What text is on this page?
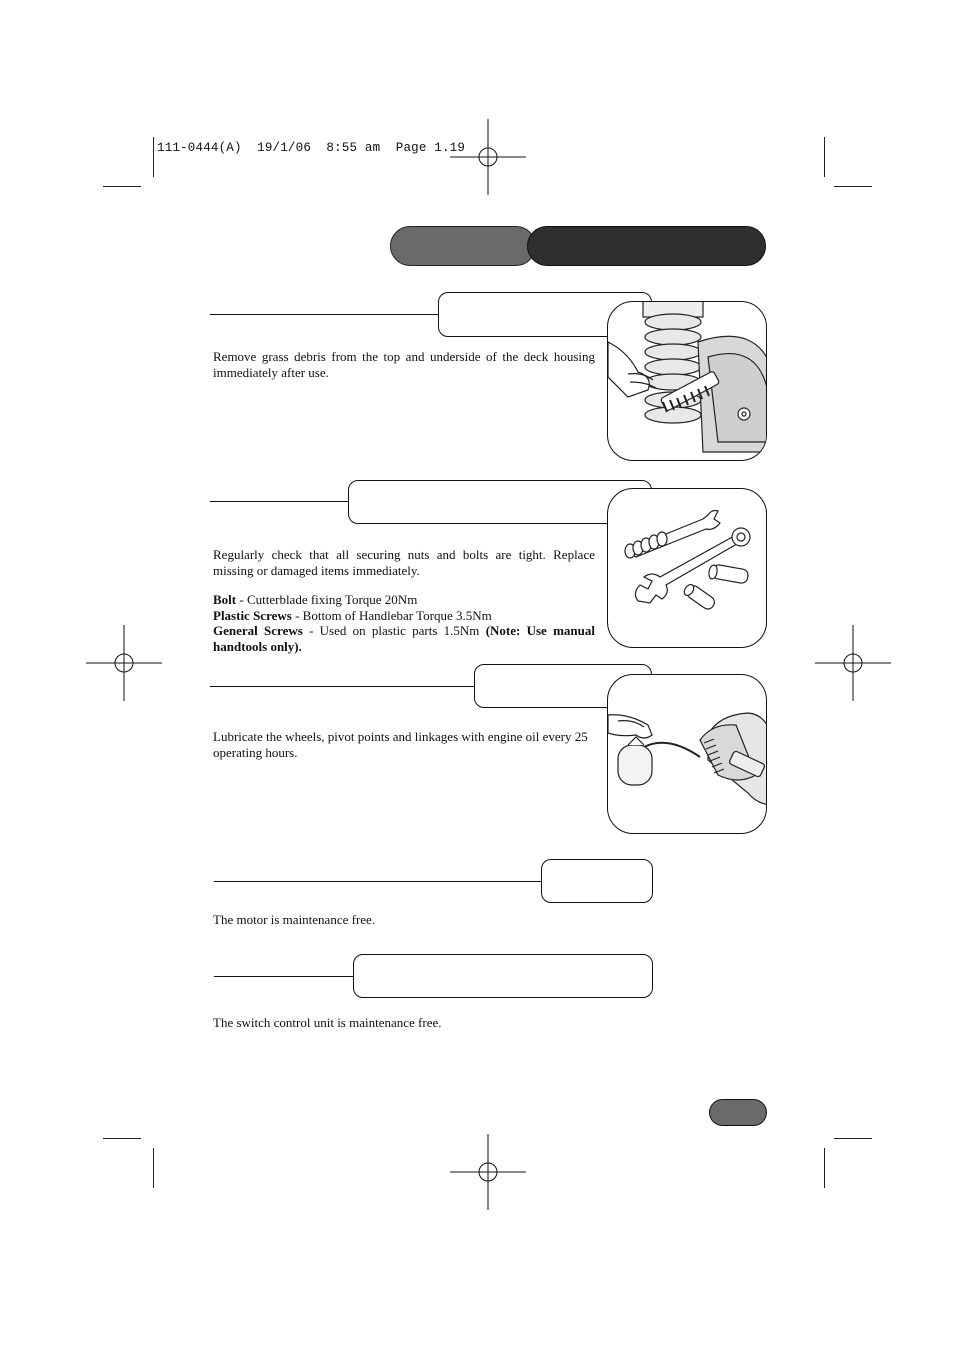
111-0444(A)  19/1/06  8:55 am  Page 1.19
Remove grass debris from the top and underside of the deck housing immediately after use.
Regularly check that all securing nuts and bolts are tight. Replace missing or damaged items immediately.
Bolt - Cutterblade fixing Torque 20Nm
Plastic Screws - Bottom of Handlebar Torque 3.5Nm
General Screws - Used on plastic parts 1.5Nm (Note: Use manual handtools only).
Lubricate the wheels, pivot points and linkages with engine oil every 25 operating hours.
The motor is maintenance free.
The switch control unit is maintenance free.
